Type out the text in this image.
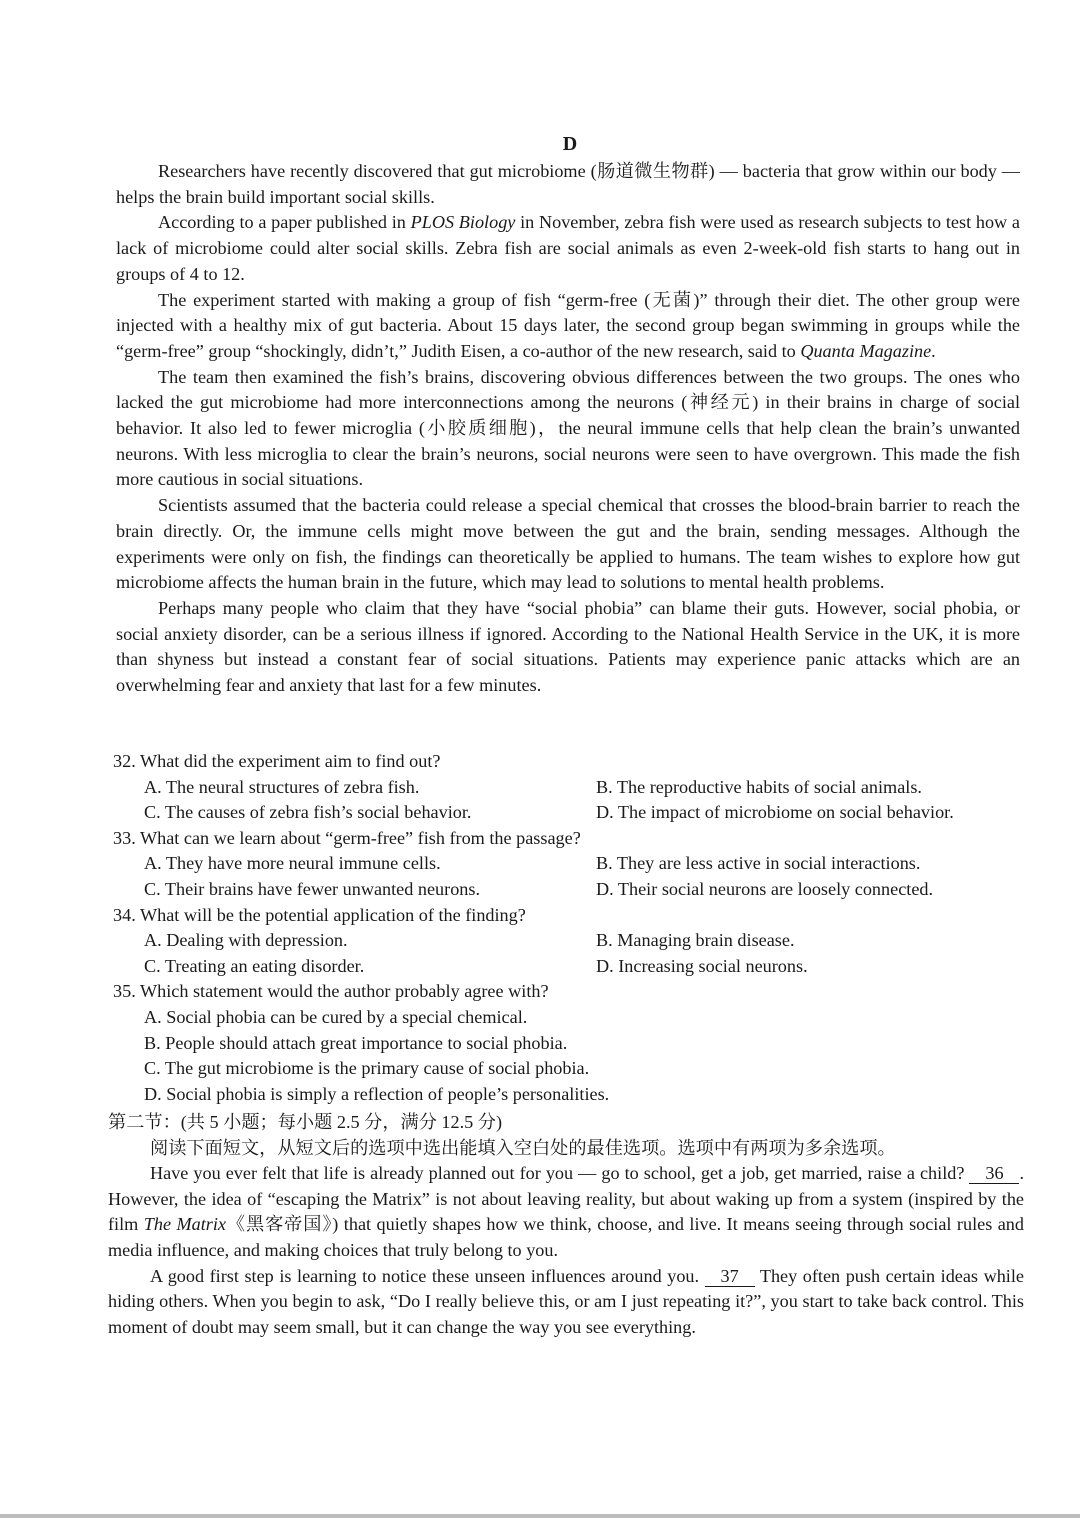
D

Researchers have recently discovered that gut microbiome (肠道微生物群) — bacteria that grow within our body — helps the brain build important social skills.

According to a paper published in PLOS Biology in November, zebra fish were used as research subjects to test how a lack of microbiome could alter social skills. Zebra fish are social animals as even 2-week-old fish starts to hang out in groups of 4 to 12.

The experiment started with making a group of fish “germ-free (无菌)” through their diet. The other group were injected with a healthy mix of gut bacteria. About 15 days later, the second group began swimming in groups while the “germ-free” group “shockingly, didn’t,” Judith Eisen, a co-author of the new research, said to Quanta Magazine.

The team then examined the fish’s brains, discovering obvious differences between the two groups. The ones who lacked the gut microbiome had more interconnections among the neurons (神经元) in their brains in charge of social behavior. It also led to fewer microglia (小胶质细胞)，the neural immune cells that help clean the brain’s unwanted neurons. With less microglia to clear the brain’s neurons, social neurons were seen to have overgrown. This made the fish more cautious in social situations.

Scientists assumed that the bacteria could release a special chemical that crosses the blood-brain barrier to reach the brain directly. Or, the immune cells might move between the gut and the brain, sending messages. Although the experiments were only on fish, the findings can theoretically be applied to humans. The team wishes to explore how gut microbiome affects the human brain in the future, which may lead to solutions to mental health problems.

Perhaps many people who claim that they have “social phobia” can blame their guts. However, social phobia, or social anxiety disorder, can be a serious illness if ignored. According to the National Health Service in the UK, it is more than shyness but instead a constant fear of social situations. Patients may experience panic attacks which are an overwhelming fear and anxiety that last for a few minutes.

32. What did the experiment aim to find out?

A. The neural structures of zebra fish.	B. The reproductive habits of social animals.
C. The causes of zebra fish’s social behavior.	D. The impact of microbiome on social behavior.

33. What can we learn about “germ-free” fish from the passage?

A. They have more neural immune cells.	B. They are less active in social interactions.
C. Their brains have fewer unwanted neurons.	D. Their social neurons are loosely connected.

34. What will be the potential application of the finding?

A. Dealing with depression.	B. Managing brain disease.
C. Treating an eating disorder.	D. Increasing social neurons.

35. Which statement would the author probably agree with?

A. Social phobia can be cured by a special chemical.
B. People should attach great importance to social phobia.
C. The gut microbiome is the primary cause of social phobia.
D. Social phobia is simply a reflection of people’s personalities.

第二节：(共 5 小题；每小题 2.5 分，满分 12.5 分)

阅读下面短文，从短文后的选项中选出能填入空白处的最佳选项。选项中有两项为多余选项。

Have you ever felt that life is already planned out for you — go to school, get a job, get married, raise a child? 36 . However, the idea of “escaping the Matrix” is not about leaving reality, but about waking up from a system (inspired by the film The Matrix《黑客帝国》) that quietly shapes how we think, choose, and live. It means seeing through social rules and media influence, and making choices that truly belong to you.

A good first step is learning to notice these unseen influences around you. 37 They often push certain ideas while hiding others. When you begin to ask, “Do I really believe this, or am I just repeating it?”, you start to take back control. This moment of doubt may seem small, but it can change the way you see everything.
